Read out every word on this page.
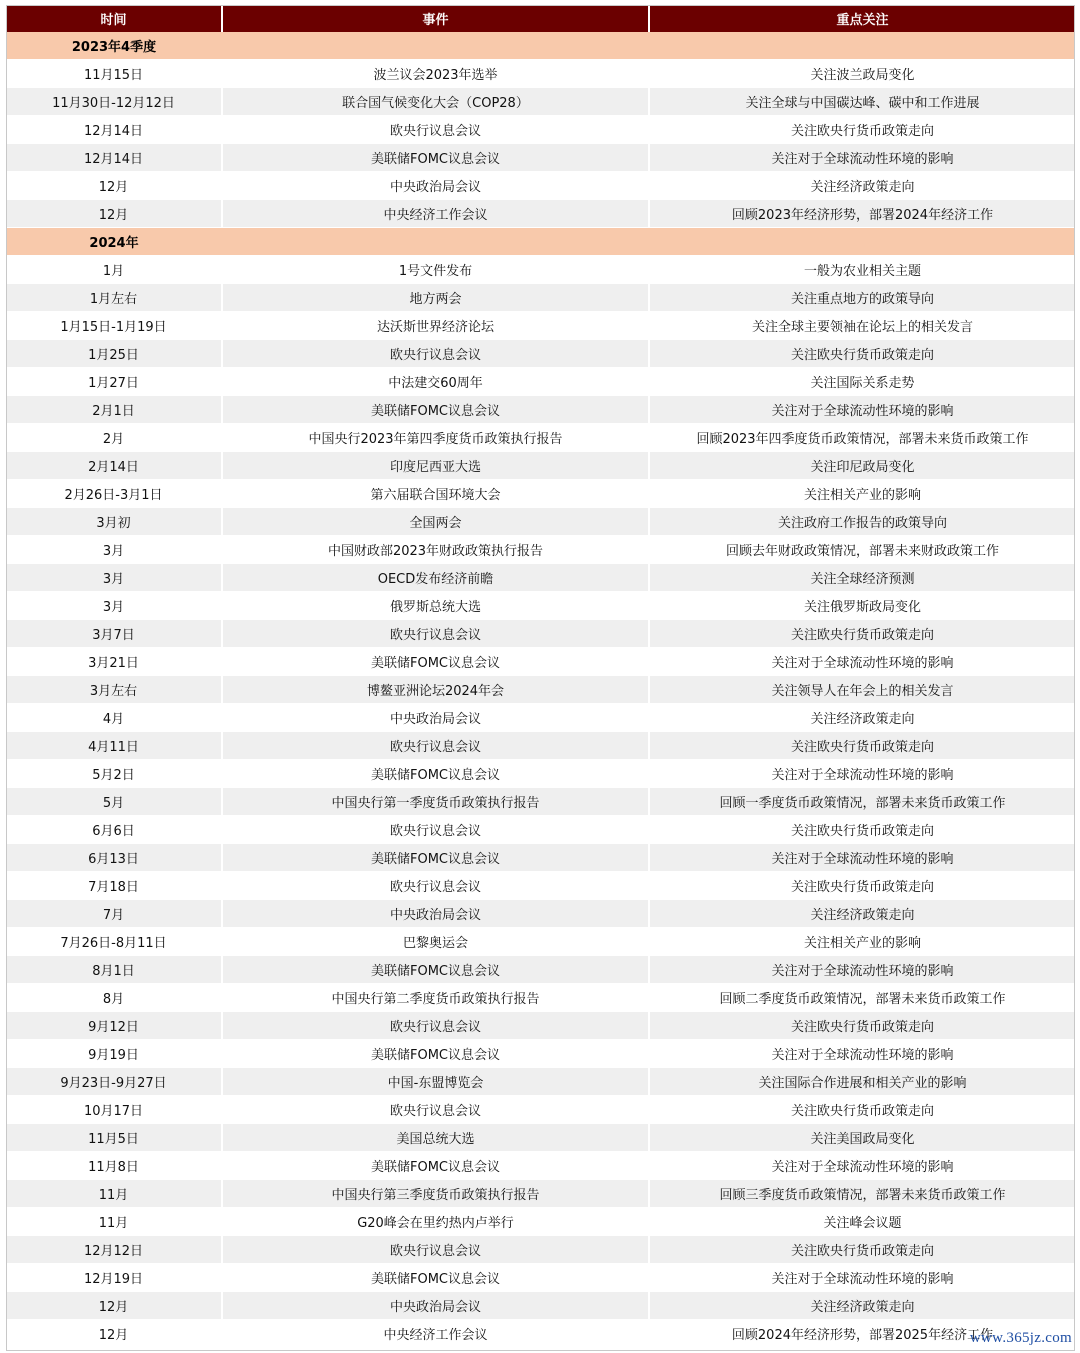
时间	事件	重点关注
2023年4季度		
11月15日	波兰议会2023年选举	关注波兰政局变化
11月30日-12月12日	联合国气候变化大会（COP28）	关注全球与中国碳达峰、碳中和工作进展
12月14日	欧央行议息会议	关注欧央行货币政策走向
12月14日	美联储FOMC议息会议	关注对于全球流动性环境的影响
12月	中央政治局会议	关注经济政策走向
12月	中央经济工作会议	回顾2023年经济形势，部署2024年经济工作
2024年		
1月	1号文件发布	一般为农业相关主题
1月左右	地方两会	关注重点地方的政策导向
1月15日-1月19日	达沃斯世界经济论坛	关注全球主要领袖在论坛上的相关发言
1月25日	欧央行议息会议	关注欧央行货币政策走向
1月27日	中法建交60周年	关注国际关系走势
2月1日	美联储FOMC议息会议	关注对于全球流动性环境的影响
2月	中国央行2023年第四季度货币政策执行报告	回顾2023年四季度货币政策情况，部署未来货币政策工作
2月14日	印度尼西亚大选	关注印尼政局变化
2月26日-3月1日	第六届联合国环境大会	关注相关产业的影响
3月初	全国两会	关注政府工作报告的政策导向
3月	中国财政部2023年财政政策执行报告	回顾去年财政政策情况，部署未来财政政策工作
3月	OECD发布经济前瞻	关注全球经济预测
3月	俄罗斯总统大选	关注俄罗斯政局变化
3月7日	欧央行议息会议	关注欧央行货币政策走向
3月21日	美联储FOMC议息会议	关注对于全球流动性环境的影响
3月左右	博鳌亚洲论坛2024年会	关注领导人在年会上的相关发言
4月	中央政治局会议	关注经济政策走向
4月11日	欧央行议息会议	关注欧央行货币政策走向
5月2日	美联储FOMC议息会议	关注对于全球流动性环境的影响
5月	中国央行第一季度货币政策执行报告	回顾一季度货币政策情况，部署未来货币政策工作
6月6日	欧央行议息会议	关注欧央行货币政策走向
6月13日	美联储FOMC议息会议	关注对于全球流动性环境的影响
7月18日	欧央行议息会议	关注欧央行货币政策走向
7月	中央政治局会议	关注经济政策走向
7月26日-8月11日	巴黎奥运会	关注相关产业的影响
8月1日	美联储FOMC议息会议	关注对于全球流动性环境的影响
8月	中国央行第二季度货币政策执行报告	回顾二季度货币政策情况，部署未来货币政策工作
9月12日	欧央行议息会议	关注欧央行货币政策走向
9月19日	美联储FOMC议息会议	关注对于全球流动性环境的影响
9月23日-9月27日	中国-东盟博览会	关注国际合作进展和相关产业的影响
10月17日	欧央行议息会议	关注欧央行货币政策走向
11月5日	美国总统大选	关注美国政局变化
11月8日	美联储FOMC议息会议	关注对于全球流动性环境的影响
11月	中国央行第三季度货币政策执行报告	回顾三季度货币政策情况，部署未来货币政策工作
11月	G20峰会在里约热内卢举行	关注峰会议题
12月12日	欧央行议息会议	关注欧央行货币政策走向
12月19日	美联储FOMC议息会议	关注对于全球流动性环境的影响
12月	中央政治局会议	关注经济政策走向
12月	中央经济工作会议	回顾2024年经济形势，部署2025年经济工作
www.365jz.com
